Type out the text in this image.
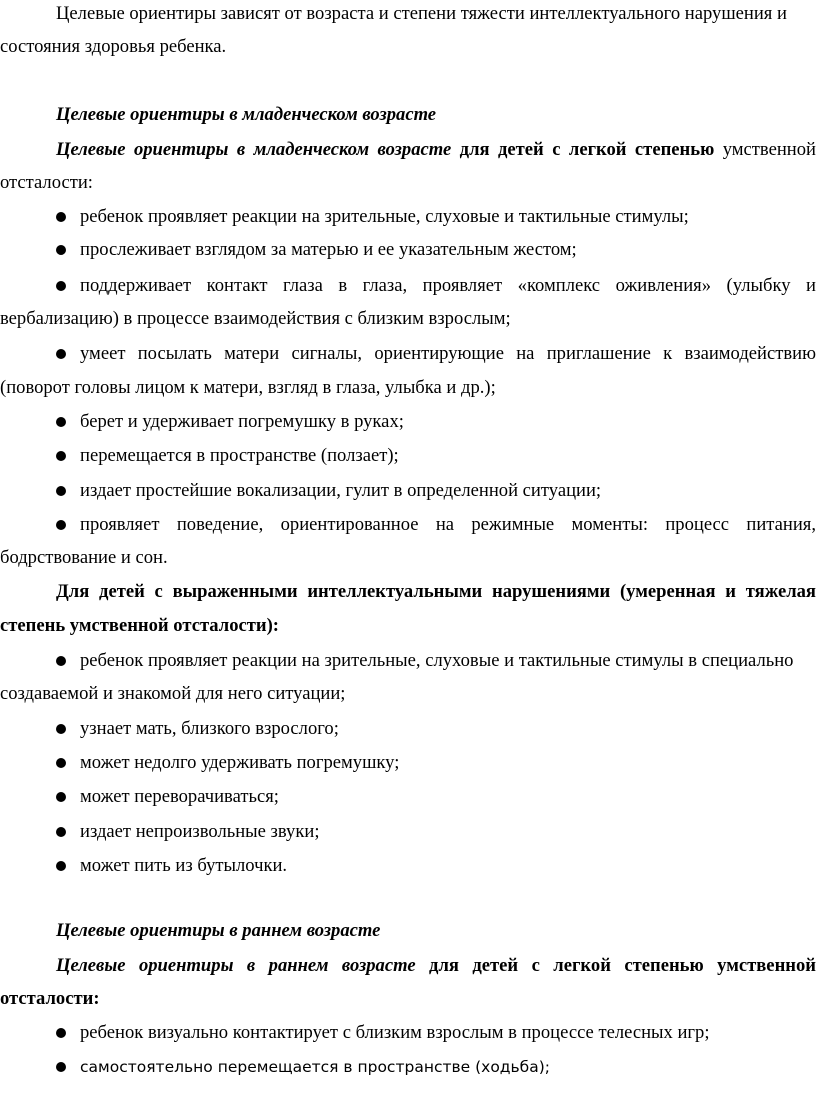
Целевые ориентиры зависят от возраста и степени тяжести интеллектуального нарушения и
состояния здоровья ребенка.
Целевые ориентиры в младенческом возрасте
Целевые ориентиры в младенческом возрасте для детей с легкой степенью умственной
отсталости:
ребенок проявляет реакции на зрительные, слуховые и тактильные стимулы;
прослеживает взглядом за матерью и ее указательным жестом;
поддерживает контакт глаза в глаза, проявляет «комплекс оживления» (улыбку и
вербализацию) в процессе взаимодействия с близким взрослым;
умеет посылать матери сигналы, ориентирующие на приглашение к взаимодействию
(поворот головы лицом к матери, взгляд в глаза, улыбка и др.);
берет и удерживает погремушку в руках;
перемещается в пространстве (ползает);
издает простейшие вокализации, гулит в определенной ситуации;
проявляет поведение, ориентированное на режимные моменты: процесс питания,
бодрствование и сон.
Для детей с выраженными интеллектуальными нарушениями (умеренная и тяжелая
степень умственной отсталости):
ребенок проявляет реакции на зрительные, слуховые и тактильные стимулы в специально
создаваемой и знакомой для него ситуации;
узнает мать, близкого взрослого;
может недолго удерживать погремушку;
может переворачиваться;
издает непроизвольные звуки;
может пить из бутылочки.
Целевые ориентиры в раннем возрасте
Целевые ориентиры в раннем возрасте для детей с легкой степенью умственной
отсталости:
ребенок визуально контактирует с близким взрослым в процессе телесных игр;
самостоятельно перемещается в пространстве (ходьба);
